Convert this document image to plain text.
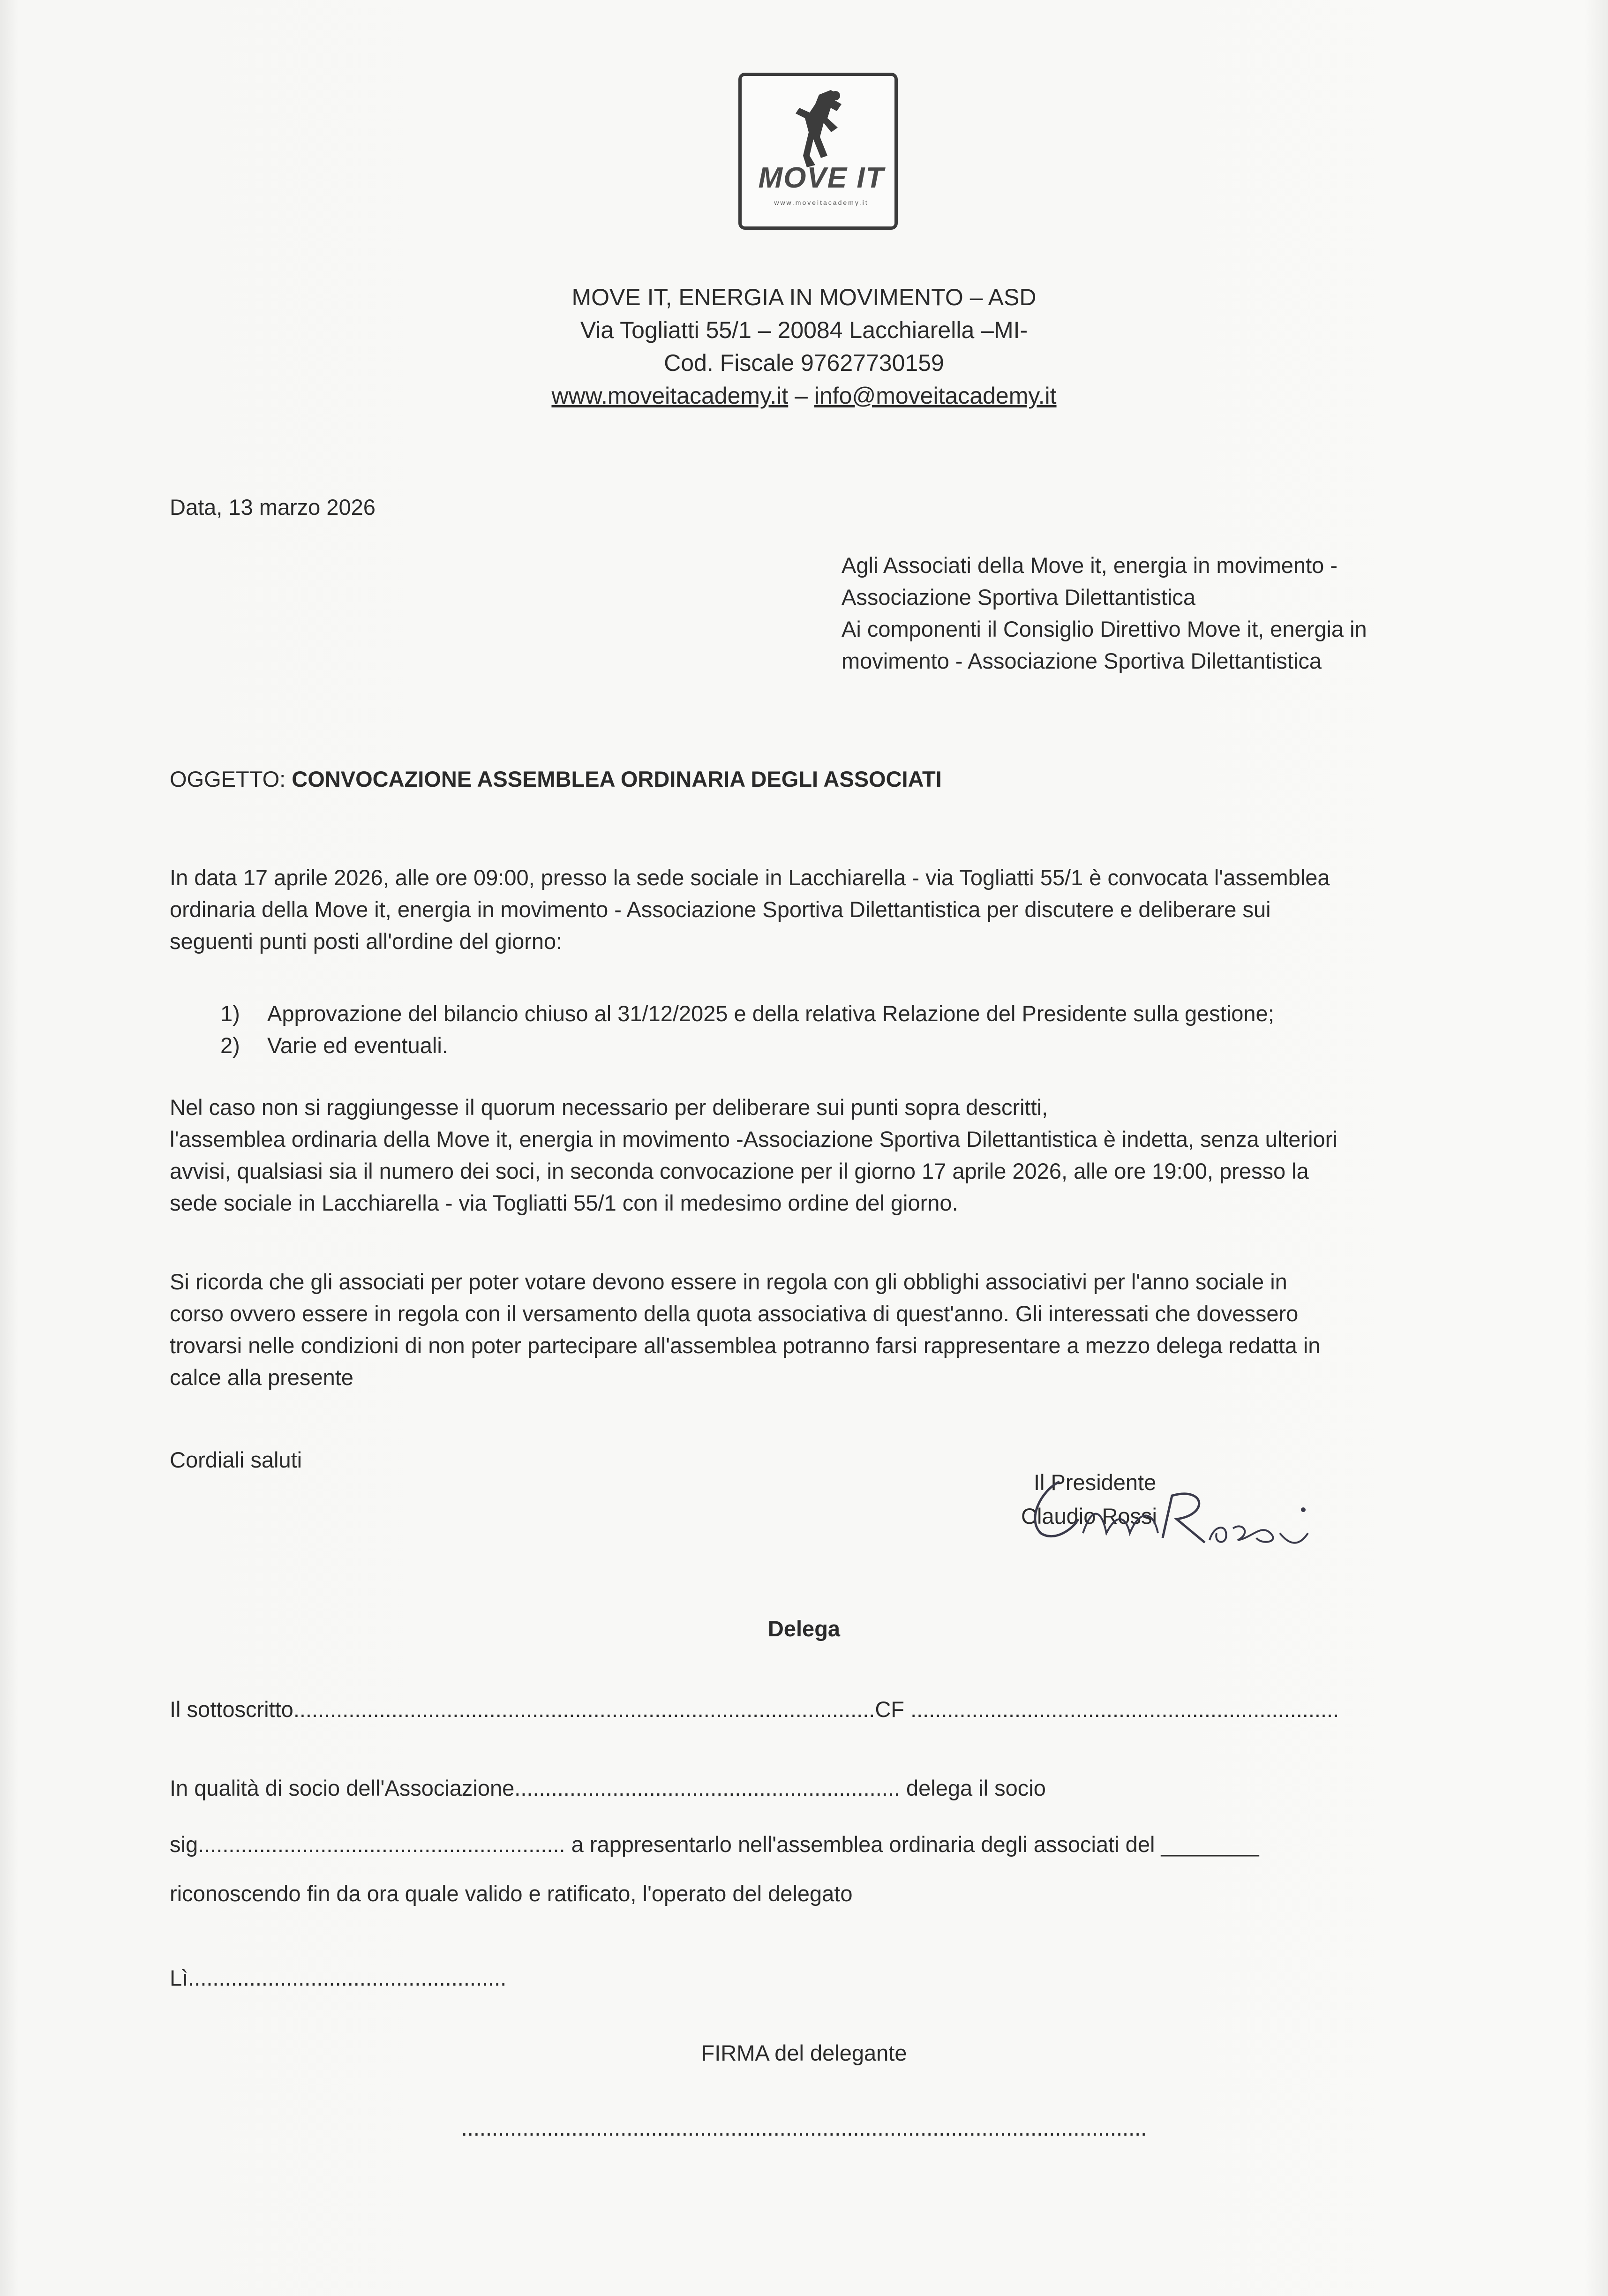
MOVE IT
www.moveitacademy.it
MOVE IT, ENERGIA IN MOVIMENTO – ASD
Via Togliatti 55/1 – 20084 Lacchiarella –MI-
Cod. Fiscale 97627730159
www.moveitacademy.it – info@moveitacademy.it
Data, 13 marzo 2026
Agli Associati della Move it, energia in movimento -
Associazione Sportiva Dilettantistica
Ai componenti il Consiglio Direttivo Move it, energia in
movimento - Associazione Sportiva Dilettantistica
OGGETTO: CONVOCAZIONE ASSEMBLEA ORDINARIA DEGLI ASSOCIATI
In data 17 aprile 2026, alle ore 09:00, presso la sede sociale in Lacchiarella - via Togliatti 55/1 è convocata l'assemblea
ordinaria della Move it, energia in movimento - Associazione Sportiva Dilettantistica per discutere e deliberare sui
seguenti punti posti all'ordine del giorno:
1)	Approvazione del bilancio chiuso al 31/12/2025 e della relativa Relazione del Presidente sulla gestione;
2)	Varie ed eventuali.
Nel caso non si raggiungesse il quorum necessario per deliberare sui punti sopra descritti,
l'assemblea ordinaria della Move it, energia in movimento -Associazione Sportiva Dilettantistica è indetta, senza ulteriori
avvisi, qualsiasi sia il numero dei soci, in seconda convocazione per il giorno 17 aprile 2026, alle ore 19:00, presso la
sede sociale in Lacchiarella - via Togliatti 55/1 con il medesimo ordine del giorno.
Si ricorda che gli associati per poter votare devono essere in regola con gli obblighi associativi per l'anno sociale in
corso ovvero essere in regola con il versamento della quota associativa di quest'anno. Gli interessati che dovessero
trovarsi nelle condizioni di non poter partecipare all'assemblea potranno farsi rappresentare a mezzo delega redatta in
calce alla presente
Cordiali saluti
Il Presidente
Claudio Rossi
Delega
Il sottoscritto...............................................................................................CF ......................................................................
In qualità di socio dell'Associazione............................................................... delega il socio
sig............................................................ a rappresentarlo nell'assemblea ordinaria degli associati del ________
riconoscendo fin da ora quale valido e ratificato, l'operato del delegato
Lì....................................................
FIRMA del delegante
................................................................................................................
